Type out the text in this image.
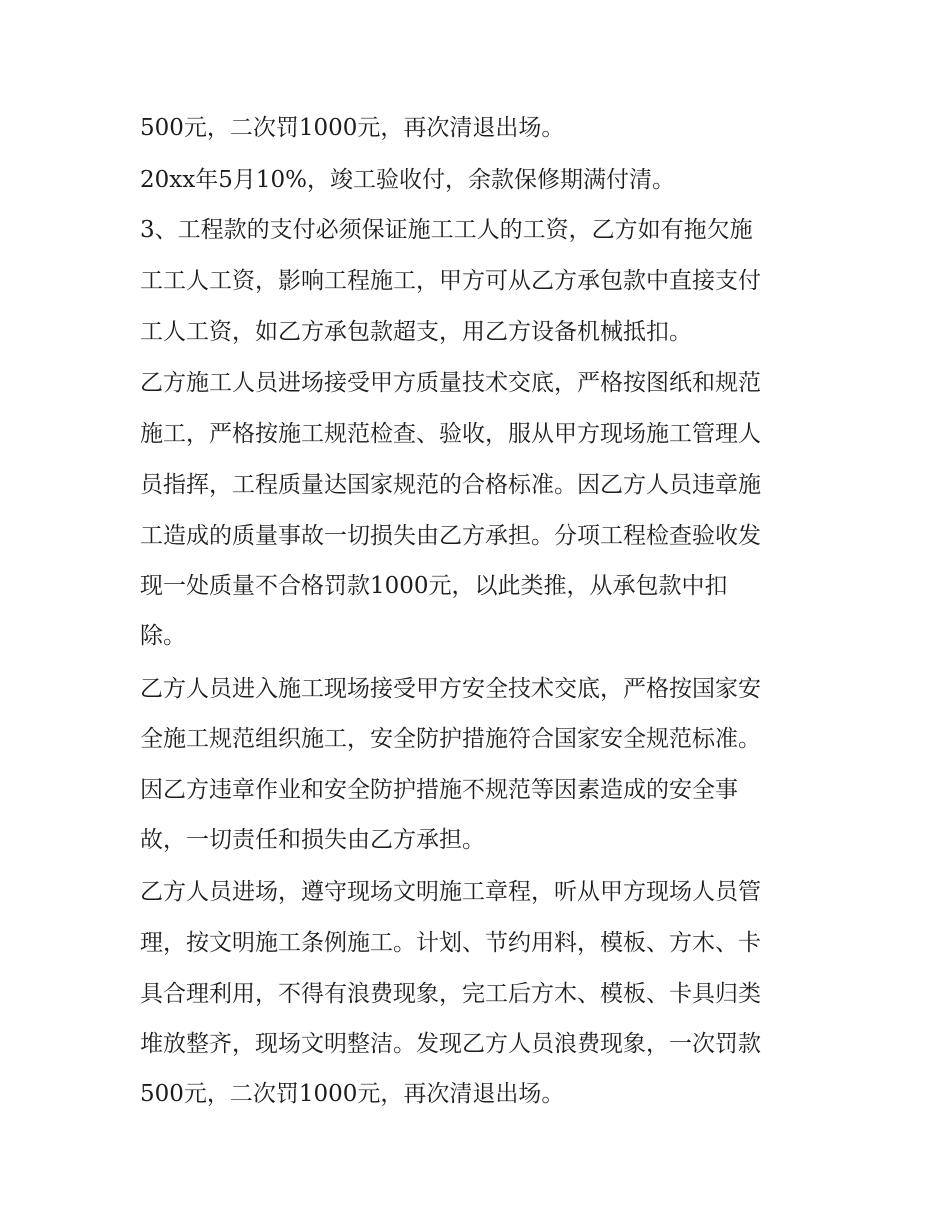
500元，二次罚1000元，再次清退出场。
20xx年5月10%，竣工验收付，余款保修期满付清。
3、工程款的支付必须保证施工工人的工资，乙方如有拖欠施
工工人工资，影响工程施工，甲方可从乙方承包款中直接支付
工人工资，如乙方承包款超支，用乙方设备机械抵扣。
乙方施工人员进场接受甲方质量技术交底，严格按图纸和规范
施工，严格按施工规范检查、验收，服从甲方现场施工管理人
员指挥，工程质量达国家规范的合格标准。因乙方人员违章施
工造成的质量事故一切损失由乙方承担。分项工程检查验收发
现一处质量不合格罚款1000元，以此类推，从承包款中扣
除。
乙方人员进入施工现场接受甲方安全技术交底，严格按国家安
全施工规范组织施工，安全防护措施符合国家安全规范标准。
因乙方违章作业和安全防护措施不规范等因素造成的安全事
故，一切责任和损失由乙方承担。
乙方人员进场，遵守现场文明施工章程，听从甲方现场人员管
理，按文明施工条例施工。计划、节约用料，模板、方木、卡
具合理利用，不得有浪费现象，完工后方木、模板、卡具归类
堆放整齐，现场文明整洁。发现乙方人员浪费现象，一次罚款
500元，二次罚1000元，再次清退出场。
